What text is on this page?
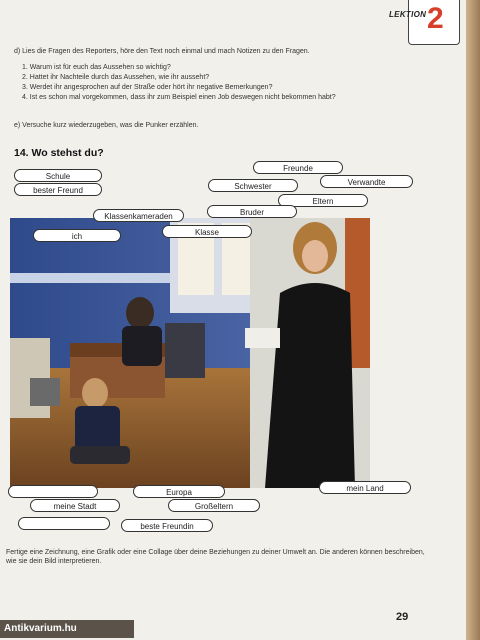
LEKTION 2
d) Lies die Fragen des Reporters, höre den Text noch einmal und mach Notizen zu den Fragen.
1. Warum ist für euch das Aussehen so wichtig?
2. Hattet ihr Nachteile durch das Aussehen, wie ihr ausseht?
3. Werdet ihr angesprochen auf der Straße oder hört ihr negative Bemerkungen?
4. Ist es schon mal vorgekommen, dass ihr zum Beispiel einen Job deswegen nicht bekommen habt?
e) Versuche kurz wiederzugeben, was die Punker erzählen.
14. Wo stehst du?
Schule
bester Freund
Freunde
Schwester	Verwandte
Eltern
Bruder
Klassenkameraden
ich	Klasse
Europa	mein Land
meine Stadt	Großeltern
beste Freundin
Fertige eine Zeichnung, eine Grafik oder eine Collage über deine Beziehungen zu deiner Umwelt an. Die anderen können beschreiben, wie sie dein Bild interpretieren.
29
Antikvarium.hu
